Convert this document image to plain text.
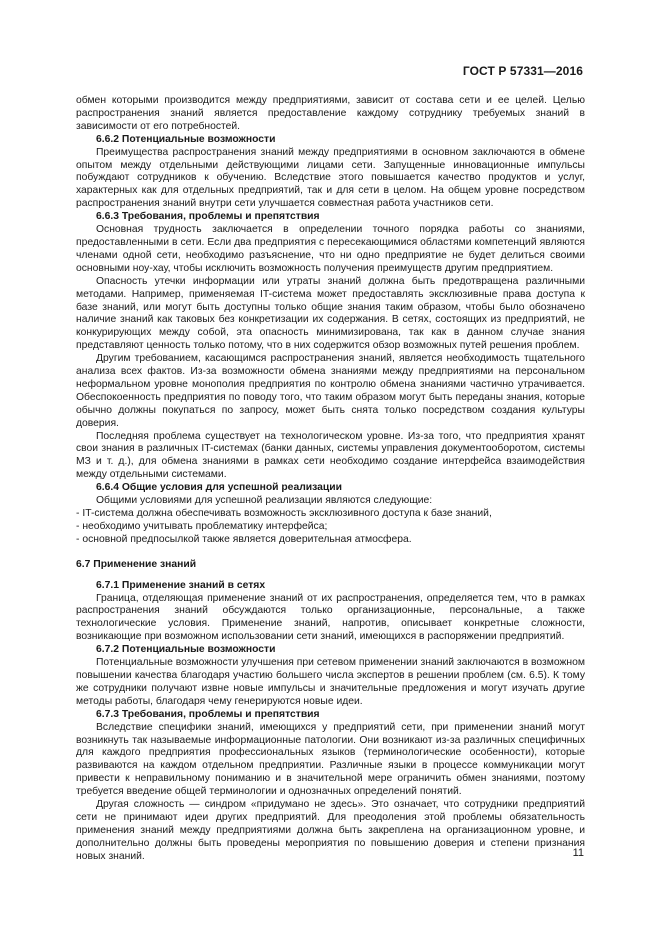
ГОСТ Р 57331—2016

обмен которыми производится между предприятиями, зависит от состава сети и ее целей. Целью распространения знаний является предоставление каждому сотруднику требуемых знаний в зависимости от его потребностей.

6.6.2 Потенциальные возможности

Преимущества распространения знаний между предприятиями в основном заключаются в обмене опытом между отдельными действующими лицами сети. Запущенные инновационные импульсы побуждают сотрудников к обучению. Вследствие этого повышается качество продуктов и услуг, характерных как для отдельных предприятий, так и для сети в целом. На общем уровне посредством распространения знаний внутри сети улучшается совместная работа участников сети.

6.6.3 Требования, проблемы и препятствия

Основная трудность заключается в определении точного порядка работы со знаниями, предоставленными в сети. Если два предприятия с пересекающимися областями компетенций являются членами одной сети, необходимо разъяснение, что ни одно предприятие не будет делиться своими основными ноу-хау, чтобы исключить возможность получения преимуществ другим предприятием.

Опасность утечки информации или утраты знаний должна быть предотвращена различными методами. Например, применяемая IT-система может предоставлять эксклюзивные права доступа к базе знаний, или могут быть доступны только общие знания таким образом, чтобы было обозначено наличие знаний как таковых без конкретизации их содержания. В сетях, состоящих из предприятий, не конкурирующих между собой, эта опасность минимизирована, так как в данном случае знания представляют ценность только потому, что в них содержится обзор возможных путей решения проблем.

Другим требованием, касающимся распространения знаний, является необходимость тщательного анализа всех фактов. Из-за возможности обмена знаниями между предприятиями на персональном неформальном уровне монополия предприятия по контролю обмена знаниями частично утрачивается. Обеспокоенность предприятия по поводу того, что таким образом могут быть переданы знания, которые обычно должны покупаться по запросу, может быть снята только посредством создания культуры доверия.

Последняя проблема существует на технологическом уровне. Из-за того, что предприятия хранят свои знания в различных IT-системах (банки данных, системы управления документооборотом, системы МЗ и т. д.), для обмена знаниями в рамках сети необходимо создание интерфейса взаимодействия между отдельными системами.

6.6.4 Общие условия для успешной реализации

Общими условиями для успешной реализации являются следующие:

- IT-система должна обеспечивать возможность эксклюзивного доступа к базе знаний,

- необходимо учитывать проблематику интерфейса;

- основной предпосылкой также является доверительная атмосфера.

6.7 Применение знаний
6.7.1 Применение знаний в сетях

Граница, отделяющая применение знаний от их распространения, определяется тем, что в рамках распространения знаний обсуждаются только организационные, персональные, а также технологические условия. Применение знаний, напротив, описывает конкретные сложности, возникающие при возможном использовании сети знаний, имеющихся в распоряжении предприятий.

6.7.2 Потенциальные возможности

Потенциальные возможности улучшения при сетевом применении знаний заключаются в возможном повышении качества благодаря участию большего числа экспертов в решении проблем (см. 6.5). К тому же сотрудники получают извне новые импульсы и значительные предложения и могут изучать другие методы работы, благодаря чему генерируются новые идеи.

6.7.3 Требования, проблемы и препятствия

Вследствие специфики знаний, имеющихся у предприятий сети, при применении знаний могут возникнуть так называемые информационные патологии. Они возникают из-за различных специфичных для каждого предприятия профессиональных языков (терминологические особенности), которые развиваются на каждом отдельном предприятии. Различные языки в процессе коммуникации могут привести к неправильному пониманию и в значительной мере ограничить обмен знаниями, поэтому требуется введение общей терминологии и однозначных определений понятий.

Другая сложность — синдром «придумано не здесь». Это означает, что сотрудники предприятий сети не принимают идеи других предприятий. Для преодоления этой проблемы обязательность применения знаний между предприятиями должна быть закреплена на организационном уровне, и дополнительно должны быть проведены мероприятия по повышению доверия и степени признания новых знаний.	11
